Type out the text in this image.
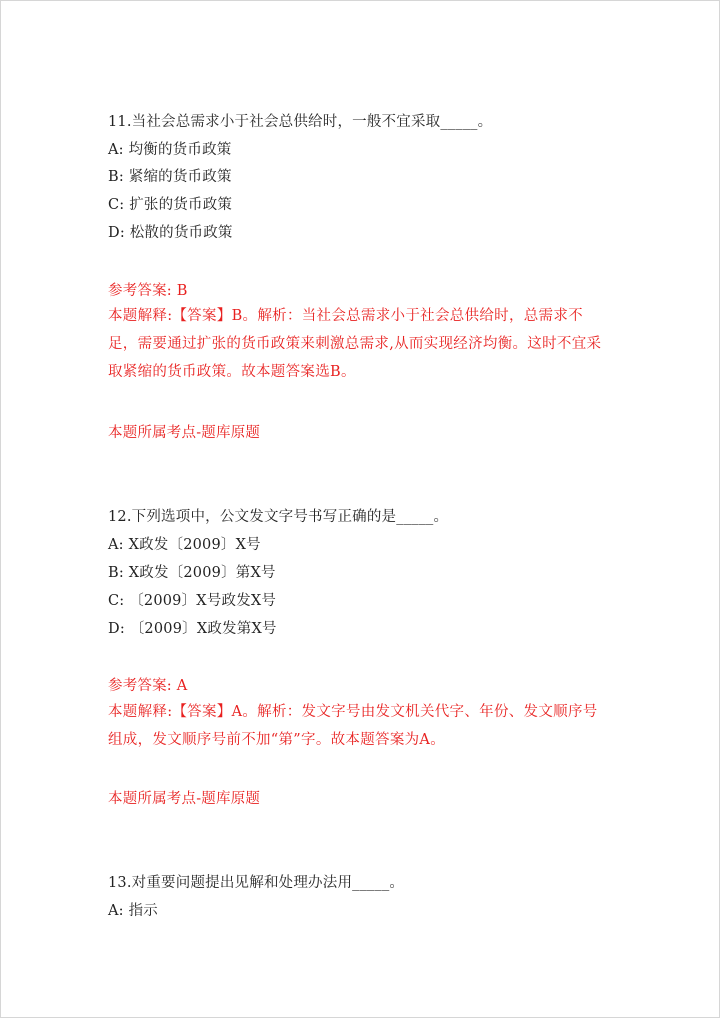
11.当社会总需求小于社会总供给时，一般不宜采取_____。
A: 均衡的货币政策
B: 紧缩的货币政策
C: 扩张的货币政策
D: 松散的货币政策
参考答案: B
本题解释:【答案】B。解析：当社会总需求小于社会总供给时，总需求不足，需要通过扩张的货币政策来刺激总需求,从而实现经济均衡。这时不宜采取紧缩的货币政策。故本题答案选B。
本题所属考点-题库原题
12.下列选项中，公文发文字号书写正确的是_____。
A: X政发〔2009〕X号
B: X政发〔2009〕第X号
C: 〔2009〕X号政发X号
D: 〔2009〕X政发第X号
参考答案: A
本题解释:【答案】A。解析：发文字号由发文机关代字、年份、发文顺序号组成，发文顺序号前不加“第”字。故本题答案为A。
本题所属考点-题库原题
13.对重要问题提出见解和处理办法用_____。
A: 指示
